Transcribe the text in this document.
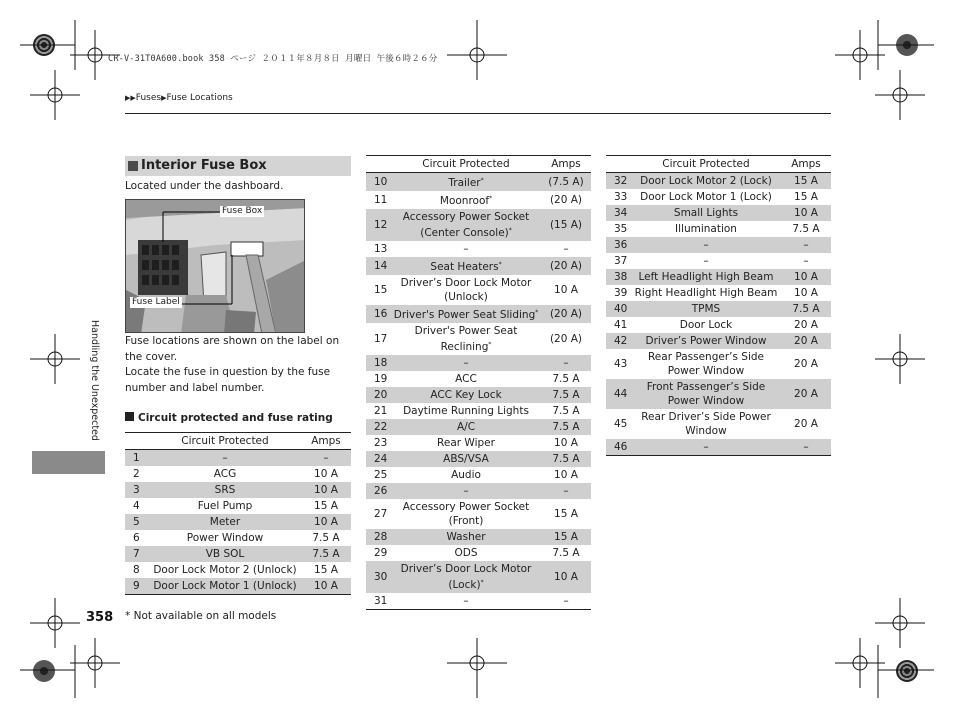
CR-V-31T0A600.book 358 ページ ２０１１年８月８日 月曜日 午後６時２６分
▶▶Fuses▶Fuse Locations
Handling the Unexpected
Interior Fuse Box
Located under the dashboard.
Fuse Box
Fuse Label
Fuse locations are shown on the label on the cover.
Locate the fuse in question by the fuse number and label number.
Circuit protected and fuse rating
	Circuit Protected	Amps
1	–	–
2	ACG	10 A
3	SRS	10 A
4	Fuel Pump	15 A
5	Meter	10 A
6	Power Window	7.5 A
7	VB SOL	7.5 A
8	Door Lock Motor 2 (Unlock)	15 A
9	Door Lock Motor 1 (Unlock)	10 A
	Circuit Protected	Amps
10	Trailer*	(7.5 A)
11	Moonroof*	(20 A)
12	Accessory Power Socket (Center Console)*	(15 A)
13	–	–
14	Seat Heaters*	(20 A)
15	Driver’s Door Lock Motor (Unlock)	10 A
16	Driver's Power Seat Sliding*	(20 A)
17	Driver's Power Seat Reclining*	(20 A)
18	–	–
19	ACC	7.5 A
20	ACC Key Lock	7.5 A
21	Daytime Running Lights	7.5 A
22	A/C	7.5 A
23	Rear Wiper	10 A
24	ABS/VSA	7.5 A
25	Audio	10 A
26	–	–
27	Accessory Power Socket (Front)	15 A
28	Washer	15 A
29	ODS	7.5 A
30	Driver’s Door Lock Motor (Lock)*	10 A
31	–	–
	Circuit Protected	Amps
32	Door Lock Motor 2 (Lock)	15 A
33	Door Lock Motor 1 (Lock)	15 A
34	Small Lights	10 A
35	Illumination	7.5 A
36	–	–
37	–	–
38	Left Headlight High Beam	10 A
39	Right Headlight High Beam	10 A
40	TPMS	7.5 A
41	Door Lock	20 A
42	Driver’s Power Window	20 A
43	Rear Passenger’s Side Power Window	20 A
44	Front Passenger’s Side Power Window	20 A
45	Rear Driver’s Side Power Window	20 A
46	–	–
358 * Not available on all models
